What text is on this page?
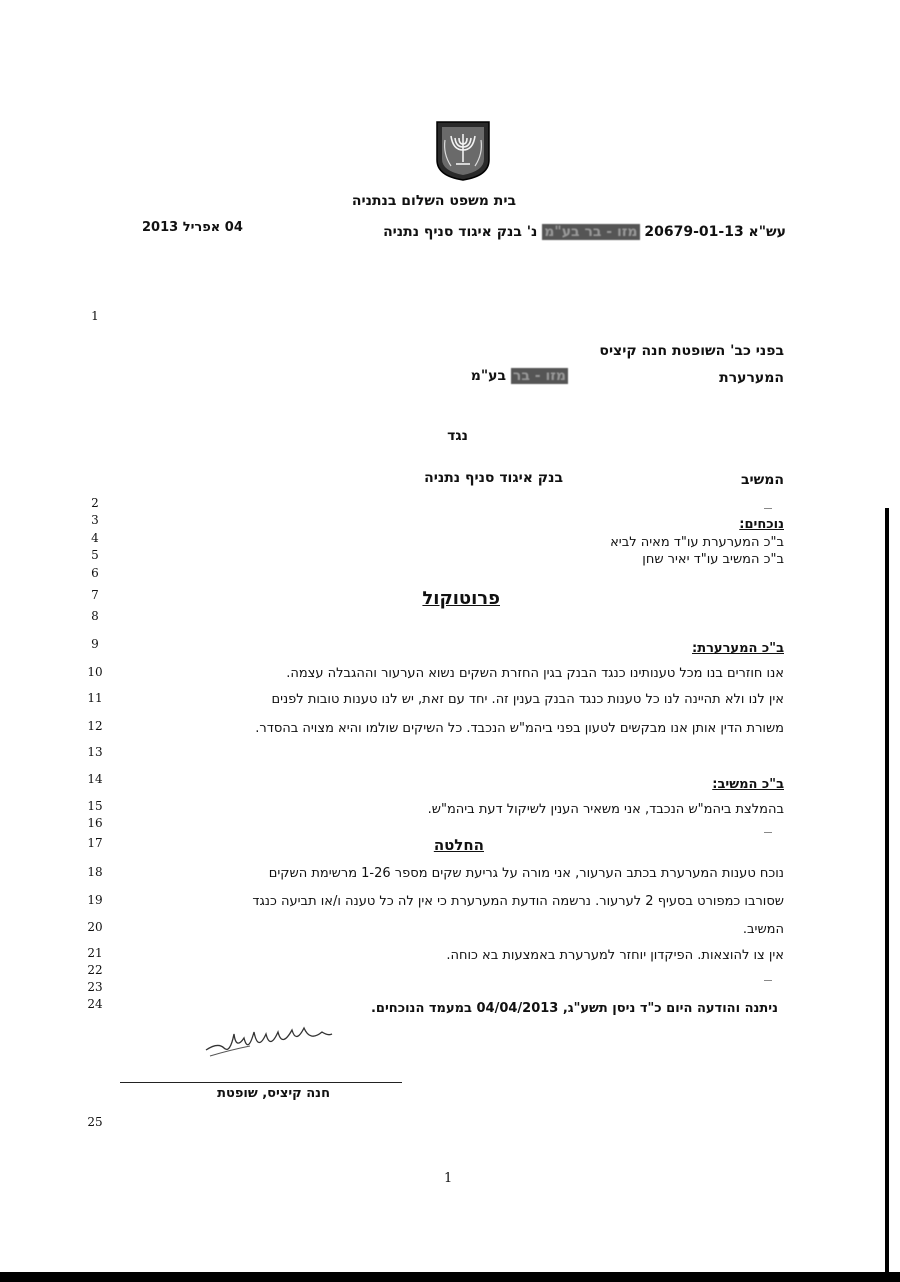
בית משפט השלום בנתניה
עש"א 20679-01-13 מזו - בר בע"מ נ' בנק איגוד סניף נתניה
04 אפריל 2013
בפני כב' השופטת חנה קיציס
המערערת
מזו - בר בע"מ
נגד
המשיב
בנק איגוד סניף נתניה
נוכחים:
ב"כ המערערת עו"ד מאיה לביא
ב"כ המשיב עו"ד יאיר שחן
פרוטוקול
ב"כ המערערת:
אנו חוזרים בנו מכל טענותינו כנגד הבנק בגין החזרת השקים נשוא הערעור וההגבלה עצמה.
אין לנו ולא תהיינה לנו כל טענות כנגד הבנק בענין זה. יחד עם זאת, יש לנו טענות טובות לפנים
משורת הדין אותן אנו מבקשים לטעון בפני ביהמ"ש הנכבד. כל השיקים שולמו והיא מצויה בהסדר.
ב"כ המשיב:
בהמלצת ביהמ"ש הנכבד, אני משאיר הענין לשיקול דעת ביהמ"ש.
החלטה
נוכח טענות המערערת בכתב הערעור, אני מורה על גריעת שקים מספר 1-26 מרשימת השקים
שסורבו כמפורט בסעיף 2 לערעור. נרשמה הודעת המערערת כי אין לה כל טענה ו/או תביעה כנגד
המשיב.
אין צו להוצאות. הפיקדון יוחזר למערערת באמצעות בא כוחה.
ניתנה והודעה היום כ"ד ניסן תשע"ג, 04/04/2013 במעמד הנוכחים.
חנה קיציס, שופטת
1
2
3
4
5
6
7
8
9
10
11
12
13
14
15
16
17
18
19
20
21
22
23
24
25
1
